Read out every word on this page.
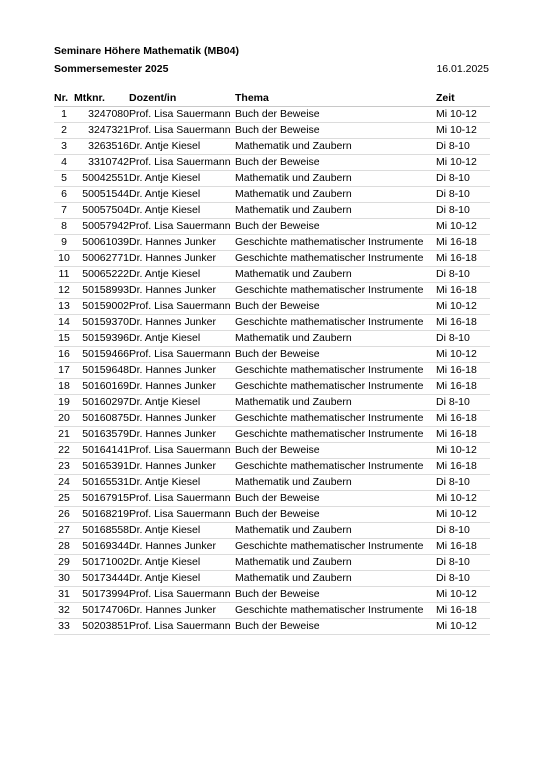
Seminare Höhere Mathematik (MB04)
Sommersemester 2025	16.01.2025
Nr.	Mtknr.	Dozent/in	Thema	Zeit
1	3247080	Prof. Lisa Sauermann	Buch der Beweise	Mi 10-12
2	3247321	Prof. Lisa Sauermann	Buch der Beweise	Mi 10-12
3	3263516	Dr. Antje Kiesel	Mathematik und Zaubern	Di 8-10
4	3310742	Prof. Lisa Sauermann	Buch der Beweise	Mi 10-12
5	50042551	Dr. Antje Kiesel	Mathematik und Zaubern	Di 8-10
6	50051544	Dr. Antje Kiesel	Mathematik und Zaubern	Di 8-10
7	50057504	Dr. Antje Kiesel	Mathematik und Zaubern	Di 8-10
8	50057942	Prof. Lisa Sauermann	Buch der Beweise	Mi 10-12
9	50061039	Dr. Hannes Junker	Geschichte mathematischer Instrumente	Mi 16-18
10	50062771	Dr. Hannes Junker	Geschichte mathematischer Instrumente	Mi 16-18
11	50065222	Dr. Antje Kiesel	Mathematik und Zaubern	Di 8-10
12	50158993	Dr. Hannes Junker	Geschichte mathematischer Instrumente	Mi 16-18
13	50159002	Prof. Lisa Sauermann	Buch der Beweise	Mi 10-12
14	50159370	Dr. Hannes Junker	Geschichte mathematischer Instrumente	Mi 16-18
15	50159396	Dr. Antje Kiesel	Mathematik und Zaubern	Di 8-10
16	50159466	Prof. Lisa Sauermann	Buch der Beweise	Mi 10-12
17	50159648	Dr. Hannes Junker	Geschichte mathematischer Instrumente	Mi 16-18
18	50160169	Dr. Hannes Junker	Geschichte mathematischer Instrumente	Mi 16-18
19	50160297	Dr. Antje Kiesel	Mathematik und Zaubern	Di 8-10
20	50160875	Dr. Hannes Junker	Geschichte mathematischer Instrumente	Mi 16-18
21	50163579	Dr. Hannes Junker	Geschichte mathematischer Instrumente	Mi 16-18
22	50164141	Prof. Lisa Sauermann	Buch der Beweise	Mi 10-12
23	50165391	Dr. Hannes Junker	Geschichte mathematischer Instrumente	Mi 16-18
24	50165531	Dr. Antje Kiesel	Mathematik und Zaubern	Di 8-10
25	50167915	Prof. Lisa Sauermann	Buch der Beweise	Mi 10-12
26	50168219	Prof. Lisa Sauermann	Buch der Beweise	Mi 10-12
27	50168558	Dr. Antje Kiesel	Mathematik und Zaubern	Di 8-10
28	50169344	Dr. Hannes Junker	Geschichte mathematischer Instrumente	Mi 16-18
29	50171002	Dr. Antje Kiesel	Mathematik und Zaubern	Di 8-10
30	50173444	Dr. Antje Kiesel	Mathematik und Zaubern	Di 8-10
31	50173994	Prof. Lisa Sauermann	Buch der Beweise	Mi 10-12
32	50174706	Dr. Hannes Junker	Geschichte mathematischer Instrumente	Mi 16-18
33	50203851	Prof. Lisa Sauermann	Buch der Beweise	Mi 10-12
